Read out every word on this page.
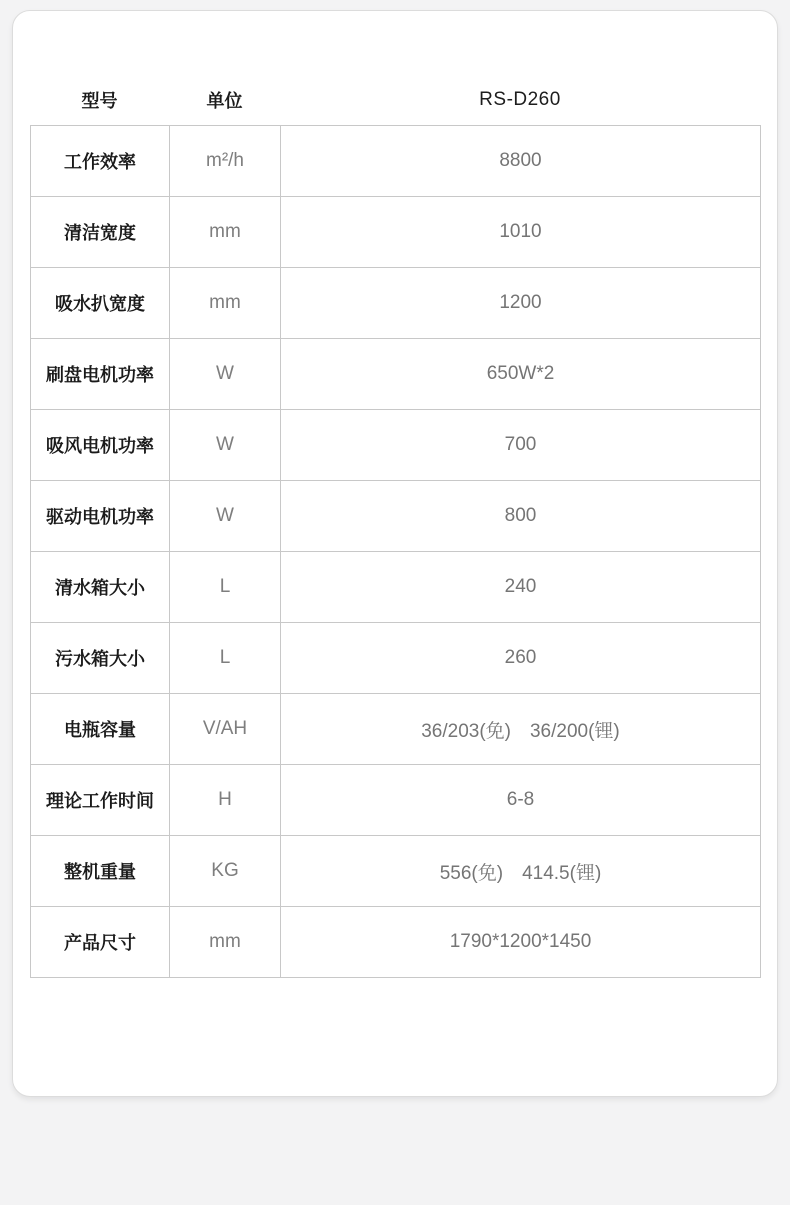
型号	单位	RS-D260
工作效率	m²/h	8800
清洁宽度	mm	1010
吸水扒宽度	mm	1200
刷盘电机功率	W	650W*2
吸风电机功率	W	700
驱动电机功率	W	800
清水箱大小	L	240
污水箱大小	L	260
电瓶容量	V/AH	36/203(免)　36/200(锂)
理论工作时间	H	6-8
整机重量	KG	556(免)　414.5(锂)
产品尺寸	mm	1790*1200*1450
